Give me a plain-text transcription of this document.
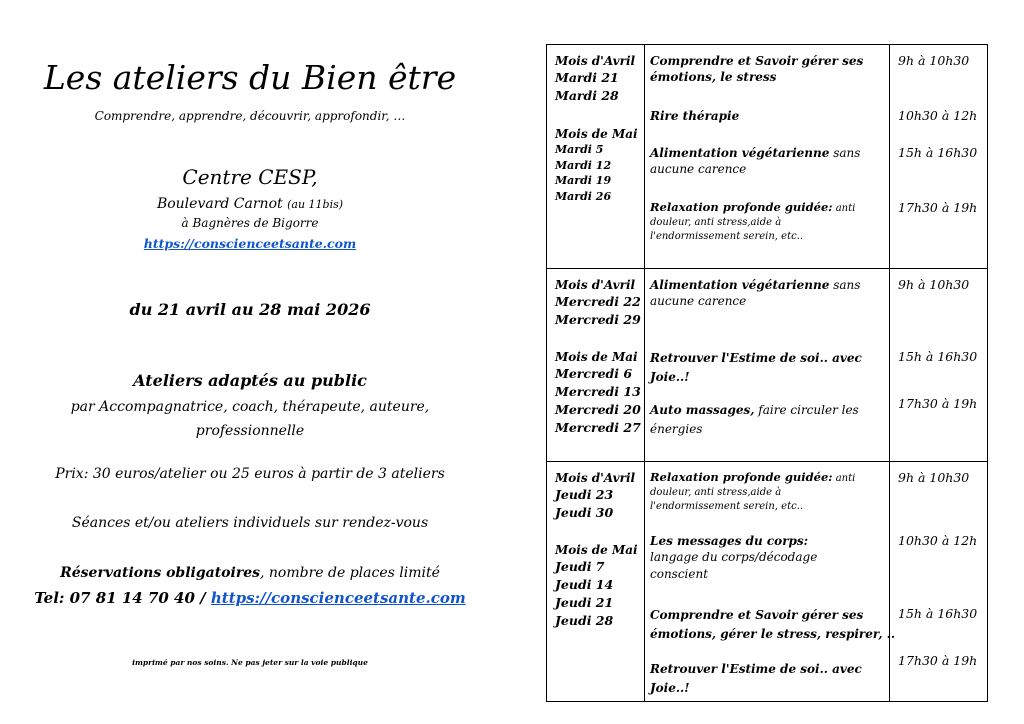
Les ateliers du Bien être
Comprendre, apprendre, découvrir, approfondir, …
Centre CESP,
Boulevard Carnot (au 11bis)
à Bagnères de Bigorre
https://conscienceetsante.com
du 21 avril au 28 mai 2026
Ateliers adaptés au public
par Accompagnatrice, coach, thérapeute, auteure,
professionnelle
Prix: 30 euros/atelier ou 25 euros à partir de 3 ateliers
Séances et/ou ateliers individuels sur rendez-vous
Réservations obligatoires, nombre de places limité
Tel: 07 81 14 70 40 / https://conscienceetsante.com
imprimé par nos soins. Ne pas jeter sur la voie publique
Mois d'Avril
Mardi 21
Mardi 28
Mois de Mai
Mardi 5
Mardi 12
Mardi 19
Mardi 26
Comprendre et Savoir gérer ses
émotions, le stress
Rire thérapie
Alimentation végétarienne sans
aucune carence
Relaxation profonde guidée: anti
douleur, anti stress,aide à
l'endormissement serein, etc..
9h à 10h30
10h30 à 12h
15h à 16h30
17h30 à 19h
Mois d'Avril
Mercredi 22
Mercredi 29
Mois de Mai
Mercredi 6
Mercredi 13
Mercredi 20
Mercredi 27
Alimentation végétarienne sans
aucune carence
Retrouver l'Estime de soi.. avec
Joie..!
Auto massages, faire circuler les
énergies
9h à 10h30
15h à 16h30
17h30 à 19h
Mois d'Avril
Jeudi 23
Jeudi 30
Mois de Mai
Jeudi 7
Jeudi 14
Jeudi 21
Jeudi 28
Relaxation profonde guidée: anti
douleur, anti stress,aide à
l'endormissement serein, etc..
Les messages du corps:
langage du corps/décodage
conscient
Comprendre et Savoir gérer ses
émotions, gérer le stress, respirer, ..
Retrouver l'Estime de soi.. avec
Joie..!
9h à 10h30
10h30 à 12h
15h à 16h30
17h30 à 19h
